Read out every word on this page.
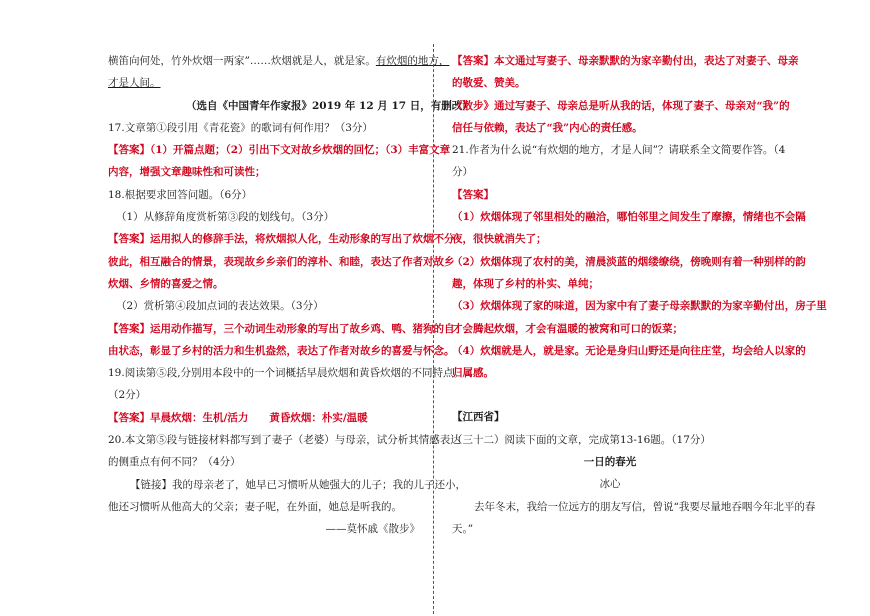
横笛向何处，竹外炊烟一两家”……炊烟就是人，就是家。有炊烟的地方，
才是人间。
（选自《中国青年作家报》2019 年 12 月 17 日，有删改）
17.文章第①段引用《青花瓷》的歌词有何作用？（3分）
【答案】（1）开篇点题；（2）引出下文对故乡炊烟的回忆；（3）丰富文章
内容，增强文章趣味性和可读性；
18.根据要求回答问题。（6分）
（1）从修辞角度赏析第③段的划线句。（3分）
【答案】运用拟人的修辞手法，将炊烟拟人化，生动形象的写出了炊烟不分
彼此，相互融合的情景，表现故乡乡亲们的淳朴、和睦，表达了作者对故乡
炊烟、乡情的喜爱之情。
（2）赏析第④段加点词的表达效果。（3分）
【答案】运用动作描写，三个动词生动形象的写出了故乡鸡、鸭、猪狗的自
由状态，彰显了乡村的活力和生机盎然，表达了作者对故乡的喜爱与怀念。
19.阅读第⑤段,分别用本段中的一个词概括早晨炊烟和黄昏炊烟的不同特点。
（2分）
【答案】早晨炊烟：生机/活力　　黄昏炊烟：朴实/温暖
20.本文第⑤段与链接材料都写到了妻子（老婆）与母亲，试分析其情感表达
的侧重点有何不同？（4分）
【链接】我的母亲老了，她早已习惯听从她强大的儿子；我的儿子还小，
他还习惯听从他高大的父亲；妻子呢，在外面，她总是听我的。
——莫怀戚《散步》
【答案】本文通过写妻子、母亲默默的为家辛勤付出，表达了对妻子、母亲
的敬爱、赞美。
《散步》通过写妻子、母亲总是听从我的话，体现了妻子、母亲对“我”的
信任与依赖，表达了“我”内心的责任感。
21.作者为什么说“有炊烟的地方，才是人间”？请联系全文简要作答。（4
分）
【答案】
（1）炊烟体现了邻里相处的融洽，哪怕邻里之间发生了摩擦，情绪也不会隔
夜，很快就消失了；
（2）炊烟体现了农村的美，清晨淡蓝的烟缕缭绕，傍晚则有着一种别样的韵
趣，体现了乡村的朴实、单纯；
（3）炊烟体现了家的味道，因为家中有了妻子母亲默默的为家辛勤付出，房子里
才会腾起炊烟，才会有温暖的被窝和可口的饭菜；
（4）炊烟就是人，就是家。无论是身归山野还是向往庄堂，均会给人以家的
归属感。
【江西省】
（三十二）阅读下面的文章，完成第13-16题。（17分）
一日的春光
冰心
去年冬末，我给一位远方的朋友写信，曾说“我要尽量地吞咽今年北平的春
天。”
